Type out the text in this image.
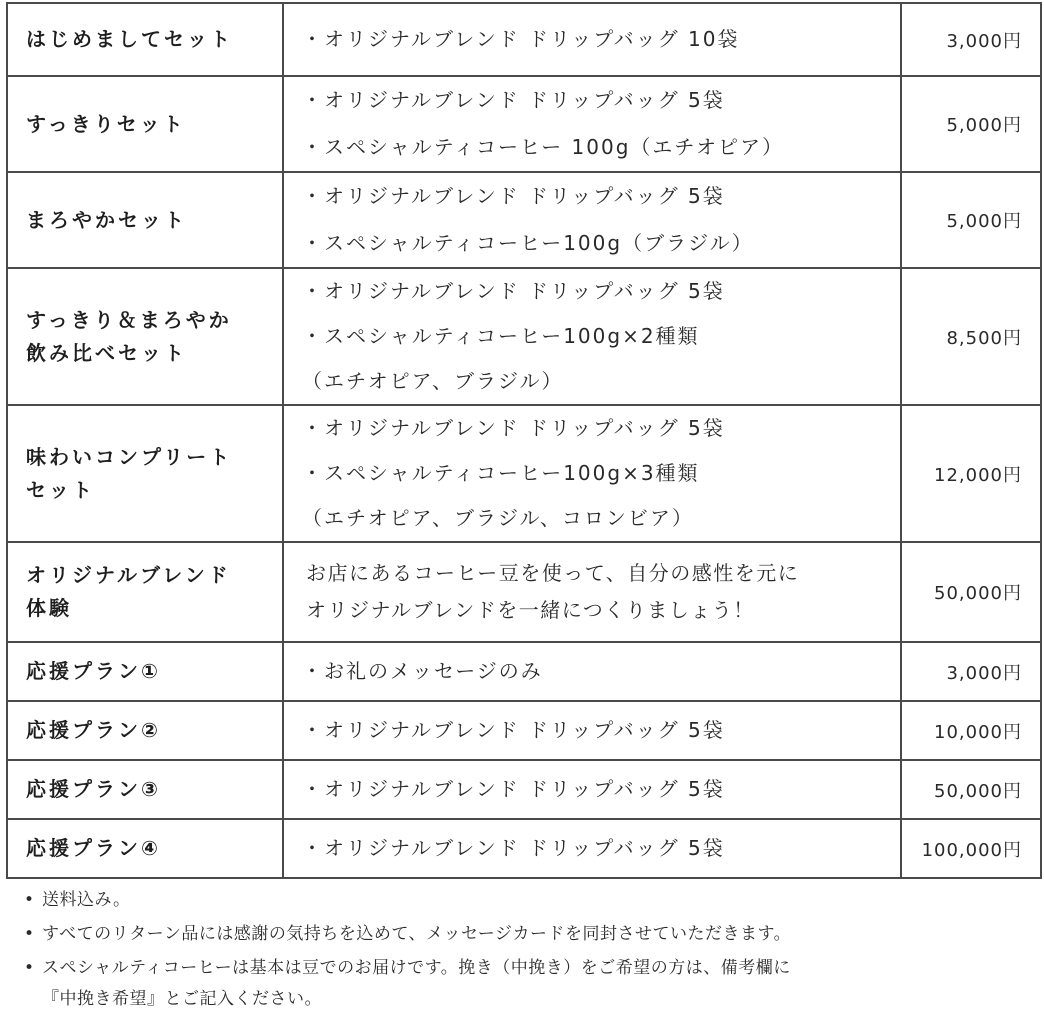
はじめましてセット	・オリジナルブレンド ドリップバッグ 10袋	3,000円

すっきりセット	・オリジナルブレンド ドリップバッグ 5袋
・スペシャルティコーヒー 100g（エチオピア）	5,000円

まろやかセット	・オリジナルブレンド ドリップバッグ 5袋
・スペシャルティコーヒー100g（ブラジル）	5,000円

すっきり＆まろやか
飲み比べセット	・オリジナルブレンド ドリップバッグ 5袋
・スペシャルティコーヒー100g×2種類
（エチオピア、ブラジル）	8,500円

味わいコンプリート
セット	・オリジナルブレンド ドリップバッグ 5袋
・スペシャルティコーヒー100g×3種類
（エチオピア、ブラジル、コロンビア）	12,000円

オリジナルブレンド
体験	お店にあるコーヒー豆を使って、自分の感性を元に
オリジナルブレンドを一緒につくりましょう！	50,000円

応援プラン①	・お礼のメッセージのみ	3,000円

応援プラン②	・オリジナルブレンド ドリップバッグ 5袋	10,000円

応援プラン③	・オリジナルブレンド ドリップバッグ 5袋	50,000円

応援プラン④	・オリジナルブレンド ドリップバッグ 5袋	100,000円
• 送料込み。
• すべてのリターン品には感謝の気持ちを込めて、メッセージカードを同封させていただきます。
• スペシャルティコーヒーは基本は豆でのお届けです。挽き（中挽き）をご希望の方は、備考欄に
『中挽き希望』とご記入ください。
